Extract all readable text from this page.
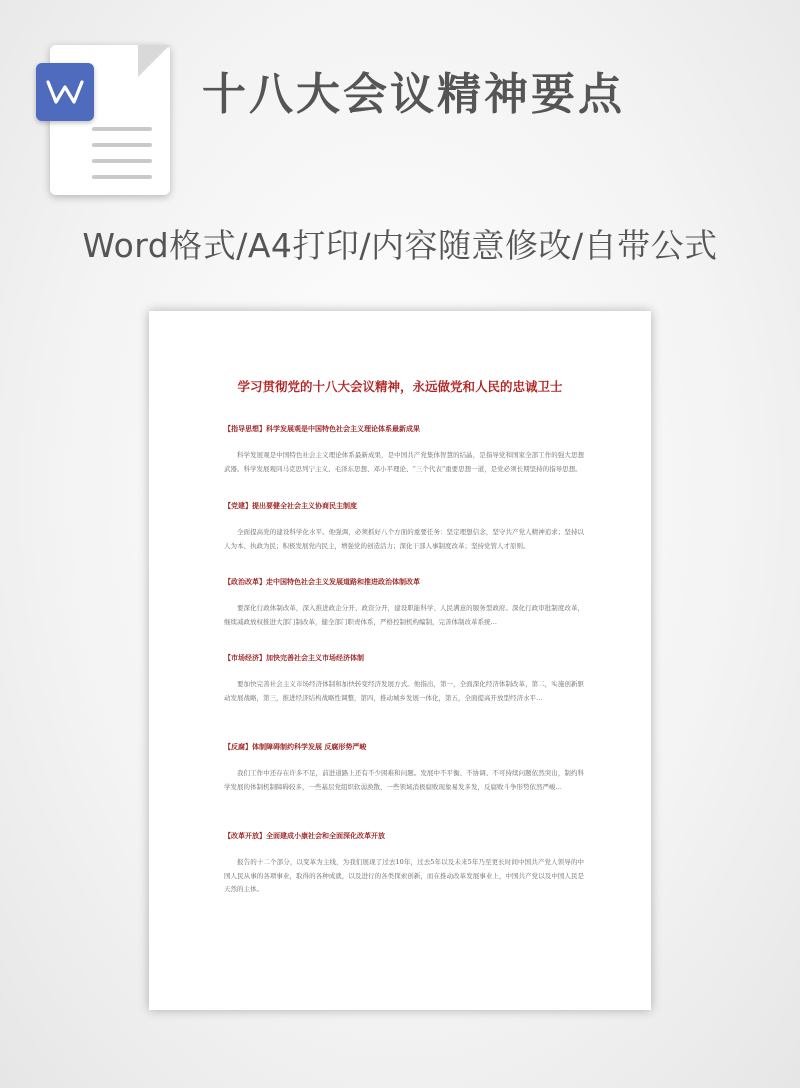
十八大会议精神要点
Word格式/A4打印/内容随意修改/自带公式
学习贯彻党的十八大会议精神，永远做党和人民的忠诚卫士
【指导思想】科学发展观是中国特色社会主义理论体系最新成果
科学发展观是中国特色社会主义理论体系最新成果，是中国共产党集体智慧的结晶，是指导党和国家全部工作的强大思想武器。科学发展观同马克思列宁主义、毛泽东思想、邓小平理论、“三个代表”重要思想一道，是党必须长期坚持的指导思想。
【党建】提出要健全社会主义协商民主制度
全面提高党的建设科学化水平。他强调，必须抓好八个方面的重要任务：坚定理想信念，坚守共产党人精神追求；坚持以人为本、执政为民；积极发展党内民主，增强党的创造活力；深化干部人事制度改革；坚持党管人才原则。
【政治改革】走中国特色社会主义发展道路和推进政治体制改革
要深化行政体制改革，深入推进政企分开、政资分开，建设职能科学、人民满意的服务型政府。深化行政审批制度改革，继续减政放权推进大部门制改革，健全部门职责体系，严格控制机构编制，完善体制改革系统…
【市场经济】加快完善社会主义市场经济体制
要加快完善社会主义市场经济体制和加快转变经济发展方式。他指出，第一，全面深化经济体制改革，第二，实施创新驱动发展战略，第三，推进经济结构战略性调整，第四，推动城乡发展一体化，第五，全面提高开放型经济水平…
【反腐】体制障碍制约科学发展 反腐形势严峻
我们工作中还存在许多不足，前进道路上还有不少困难和问题。发展中不平衡、不协调、不可持续问题依然突出，制约科学发展的体制机制障碍较多，一些基层党组织软弱涣散，一些领域消极腐败现象易发多发，反腐败斗争形势依然严峻…
【改革开放】全面建成小康社会和全面深化改革开放
报告的十二个部分，以变革为主线，为我们展现了过去10年，过去5年以及未来5年乃至更长时间中国共产党人领导的中国人民从事的各项事业，取得的各种成就，以及进行的各类探索创新，而在推动改革发展事业上，中国共产党以及中国人民是天然的主体。
